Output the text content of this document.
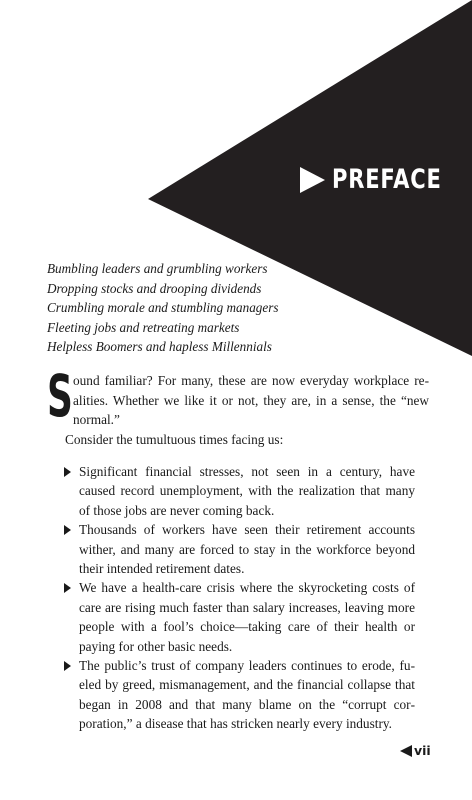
PREFACE
Bumbling leaders and grumbling workers
Dropping stocks and drooping dividends
Crumbling morale and stumbling managers
Fleeting jobs and retreating markets
Helpless Boomers and hapless Millennials
S ound familiar? For many, these are now everyday workplace realities. Whether we like it or not, they are, in a sense, the “new normal.”
Consider the tumultuous times facing us:
Significant financial stresses, not seen in a century, have caused record unemployment, with the realization that many of those jobs are never coming back.
Thousands of workers have seen their retirement accounts wither, and many are forced to stay in the workforce beyond their intended retirement dates.
We have a health-care crisis where the skyrocketing costs of care are rising much faster than salary increases, leaving more people with a fool’s choice—taking care of their health or paying for other basic needs.
The public’s trust of company leaders continues to erode, fueled by greed, mismanagement, and the financial collapse that began in 2008 and that many blame on the “corrupt corporation,” a disease that has stricken nearly every industry.
vii
